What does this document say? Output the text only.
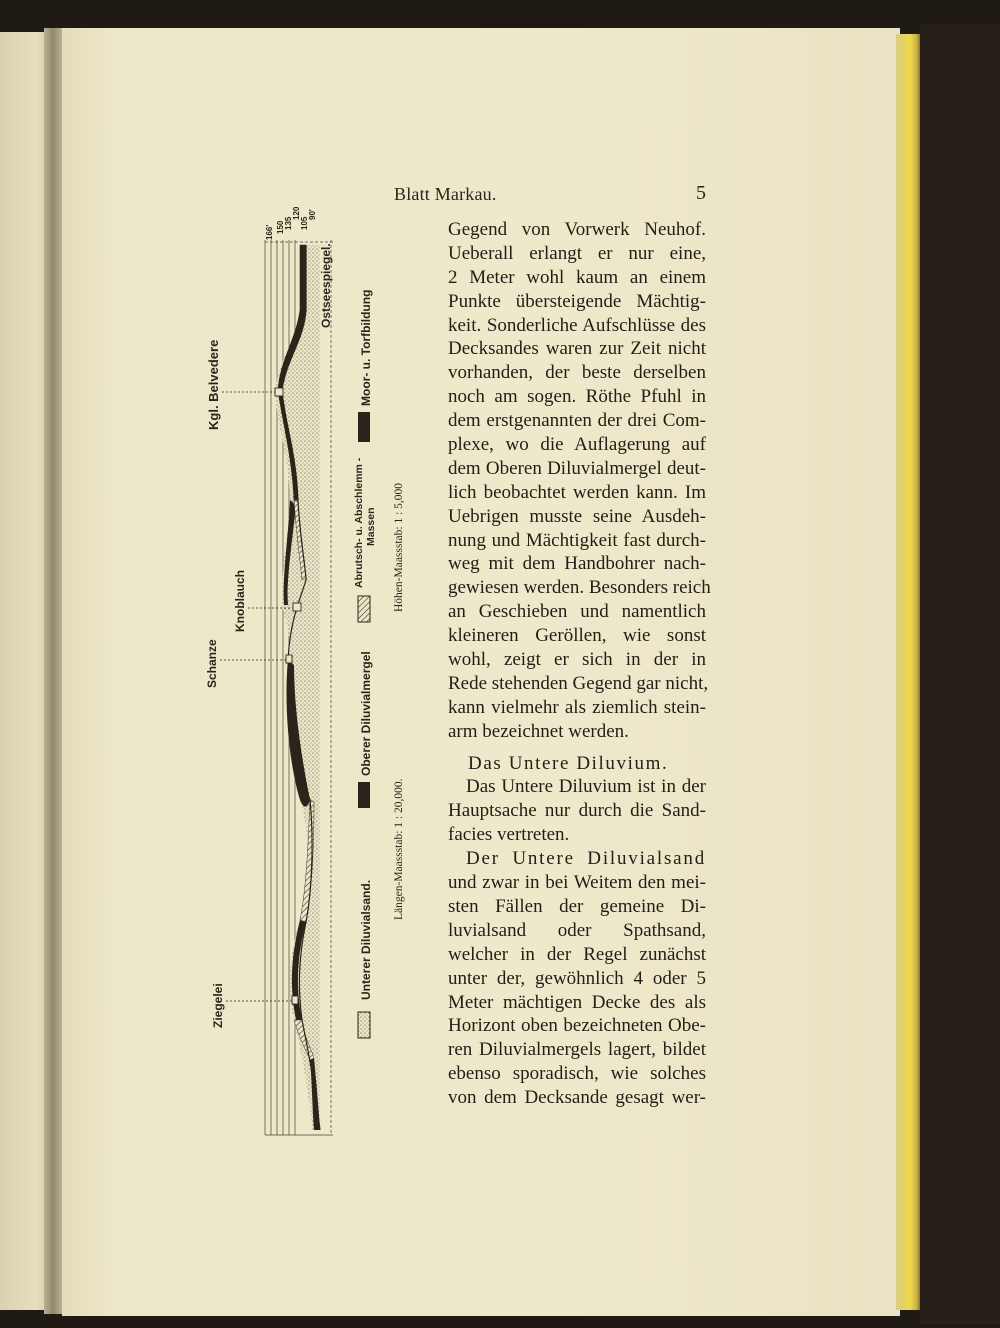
Blatt Markau.	5
Kgl. Belvedere
Knoblauch
Schanze
Ziegelei
Ostseespiegel.
166' 150 135
120
105
90'
Unterer Diluvialsand.
Oberer Diluvialmergel
Abrutsch- u. Abschlemm - Massen
Moor- u. Torfbildung
Längen-Maassstab: 1 : 20,000.
Höhen-Maassstab: 1 : 5,000
Gegend von Vorwerk Neuhof.
Ueberall erlangt er nur eine,
2 Meter wohl kaum an einem
Punkte übersteigende Mächtig-
keit. Sonderliche Aufschlüsse des
Decksandes waren zur Zeit nicht
vorhanden, der beste derselben
noch am sogen. Röthe Pfuhl in
dem erstgenannten der drei Com-
plexe, wo die Auflagerung auf
dem Oberen Diluvialmergel deut-
lich beobachtet werden kann. Im
Uebrigen musste seine Ausdeh-
nung und Mächtigkeit fast durch-
weg mit dem Handbohrer nach-
gewiesen werden. Besonders reich
an Geschieben und namentlich
kleineren Geröllen, wie sonst
wohl, zeigt er sich in der in
Rede stehenden Gegend gar nicht,
kann vielmehr als ziemlich stein-
arm bezeichnet werden.
Das Untere Diluvium.
Das Untere Diluvium ist in der
Hauptsache nur durch die Sand-
facies vertreten.
Der Untere Diluvialsand
und zwar in bei Weitem den mei-
sten Fällen der gemeine Di-
luvialsand oder Spathsand,
welcher in der Regel zunächst
unter der, gewöhnlich 4 oder 5
Meter mächtigen Decke des als
Horizont oben bezeichneten Obe-
ren Diluvialmergels lagert, bildet
ebenso sporadisch, wie solches
von dem Decksande gesagt wer-
